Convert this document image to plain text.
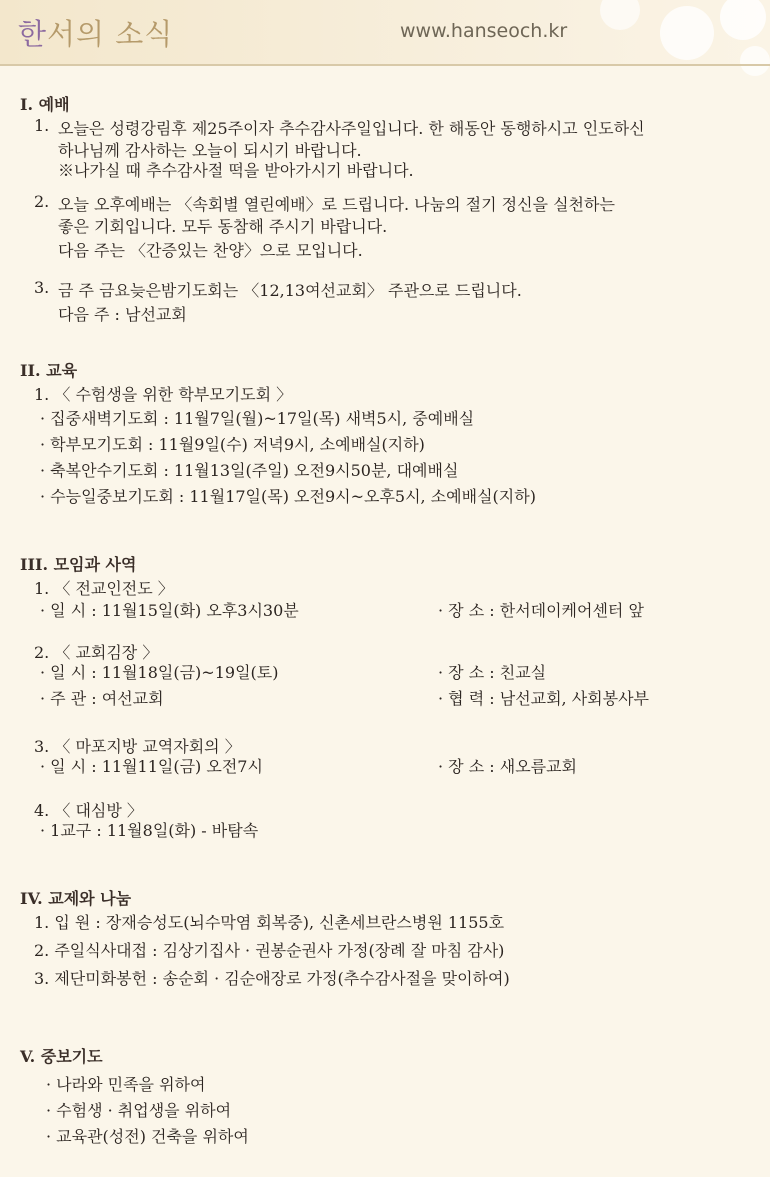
한서의 소식	www.hanseoch.kr
I. 예배
1. 오늘은 성령강림후 제25주이자 추수감사주일입니다. 한 해동안 동행하시고 인도하신
하나님께 감사하는 오늘이 되시기 바랍니다.
※나가실 때 추수감사절 떡을 받아가시기 바랍니다.
2. 오늘 오후예배는 〈속회별 열린예배〉로 드립니다. 나눔의 절기 정신을 실천하는
좋은 기회입니다. 모두 동참해 주시기 바랍니다.
다음 주는 〈간증있는 찬양〉으로 모입니다.
3. 금 주 금요늦은밤기도회는 〈12,13여선교회〉 주관으로 드립니다.
다음 주 : 남선교회
II. 교육
1. 〈 수험생을 위한 학부모기도회 〉
· 집중새벽기도회 : 11월7일(월)~17일(목) 새벽5시, 중예배실
· 학부모기도회 : 11월9일(수) 저녁9시, 소예배실(지하)
· 축복안수기도회 : 11월13일(주일) 오전9시50분, 대예배실
· 수능일중보기도회 : 11월17일(목) 오전9시~오후5시, 소예배실(지하)
III. 모임과 사역
1. 〈 전교인전도 〉
· 일 시 : 11월15일(화) 오후3시30분	· 장 소 : 한서데이케어센터 앞
2. 〈 교회김장 〉
· 일 시 : 11월18일(금)~19일(토)	· 장 소 : 친교실
· 주 관 : 여선교회	· 협 력 : 남선교회, 사회봉사부
3. 〈 마포지방 교역자회의 〉
· 일 시 : 11월11일(금) 오전7시	· 장 소 : 새오름교회
4. 〈 대심방 〉
· 1교구 : 11월8일(화) - 바탐속
IV. 교제와 나눔
1. 입 원 : 장재승성도(뇌수막염 회복중), 신촌세브란스병원 1155호
2. 주일식사대접 : 김상기집사 · 권봉순권사 가정(장례 잘 마침 감사)
3. 제단미화봉헌 : 송순회 · 김순애장로 가정(추수감사절을 맞이하여)
V. 중보기도
· 나라와 민족을 위하여
· 수험생 · 취업생을 위하여
· 교육관(성전) 건축을 위하여
